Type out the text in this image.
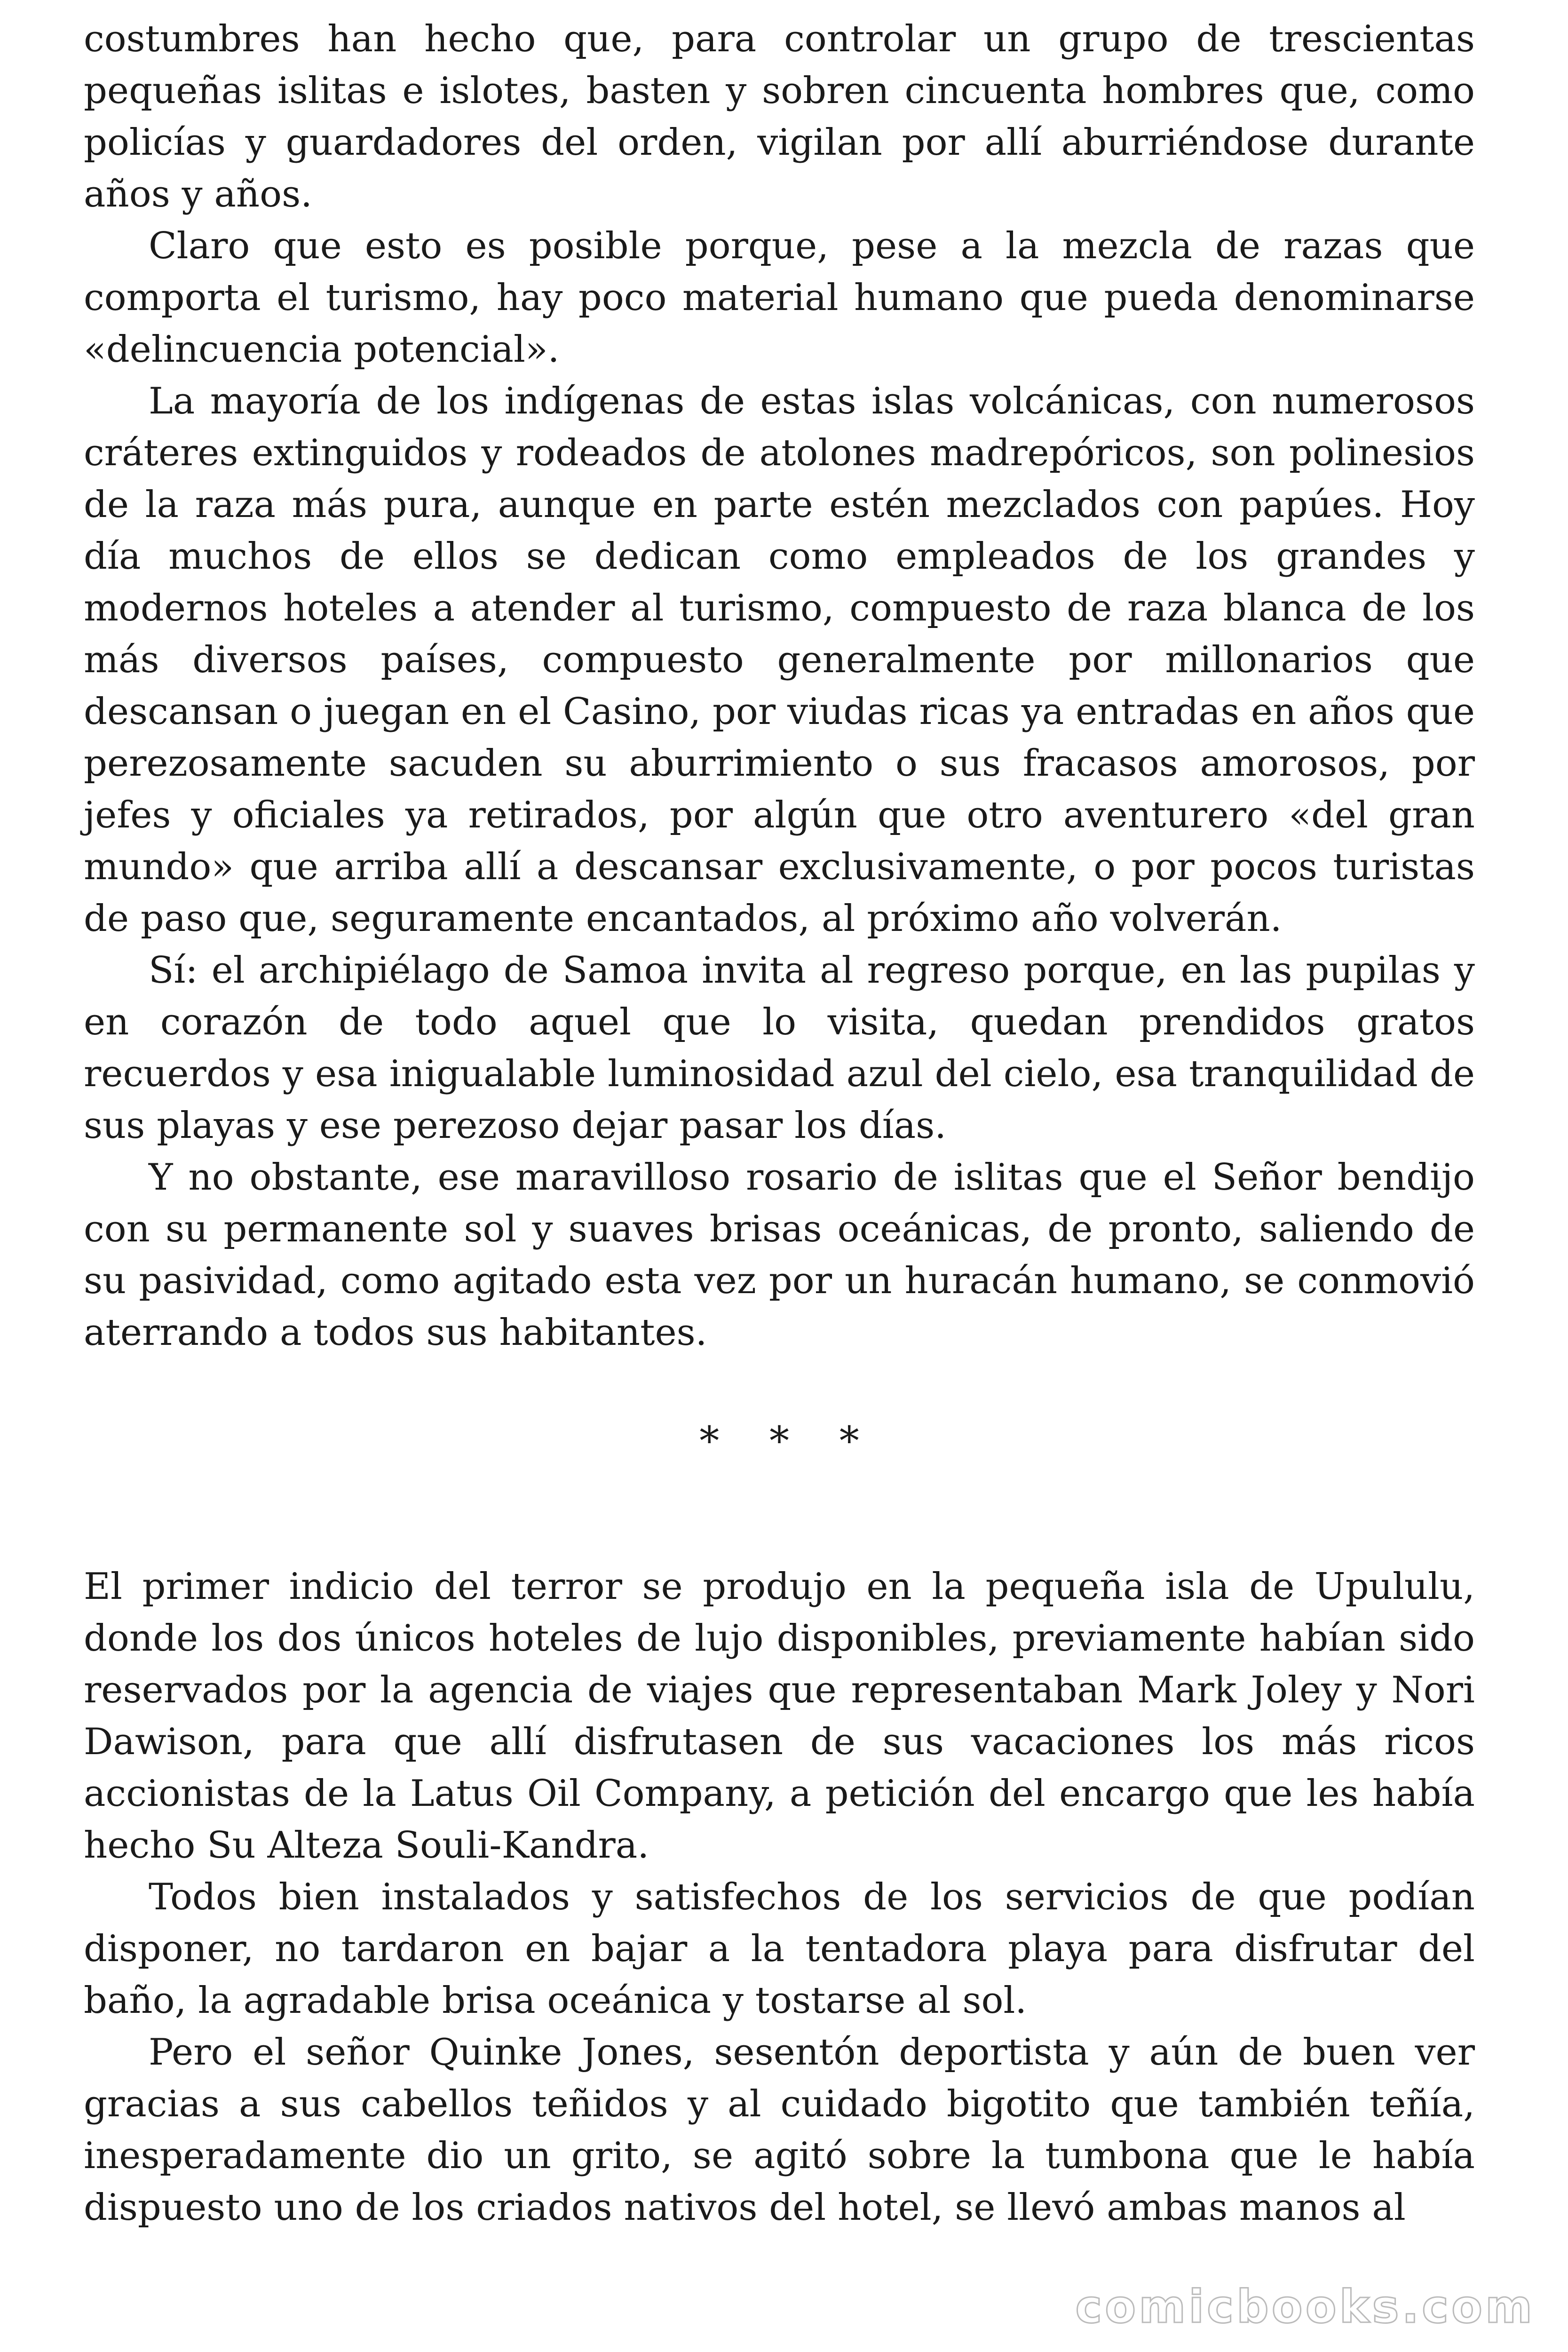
costumbres han hecho que, para controlar un grupo de trescientas pequeñas islitas e islotes, basten y sobren cincuenta hombres que, como policías y guardadores del orden, vigilan por allí aburriéndose durante años y años.

Claro que esto es posible porque, pese a la mezcla de razas que comporta el turismo, hay poco material humano que pueda denominarse «delincuencia potencial».

La mayoría de los indígenas de estas islas volcánicas, con numerosos cráteres extinguidos y rodeados de atolones madrepóricos, son polinesios de la raza más pura, aunque en parte estén mezclados con papúes. Hoy día muchos de ellos se dedican como empleados de los grandes y modernos hoteles a atender al turismo, compuesto de raza blanca de los más diversos países, compuesto generalmente por millonarios que descansan o juegan en el Casino, por viudas ricas ya entradas en años que perezosamente sacuden su aburrimiento o sus fracasos amorosos, por jefes y oficiales ya retirados, por algún que otro aventurero «del gran mundo» que arriba allí a descansar exclusivamente, o por pocos turistas de paso que, seguramente encantados, al próximo año volverán.

Sí: el archipiélago de Samoa invita al regreso porque, en las pupilas y en corazón de todo aquel que lo visita, quedan prendidos gratos recuerdos y esa inigualable luminosidad azul del cielo, esa tranquilidad de sus playas y ese perezoso dejar pasar los días.

Y no obstante, ese maravilloso rosario de islitas que el Señor bendijo con su permanente sol y suaves brisas oceánicas, de pronto, saliendo de su pasividad, como agitado esta vez por un huracán humano, se conmovió aterrando a todos sus habitantes.

* * *

El primer indicio del terror se produjo en la pequeña isla de Upululu, donde los dos únicos hoteles de lujo disponibles, previamente habían sido reservados por la agencia de viajes que representaban Mark Joley y Nori Dawison, para que allí disfrutasen de sus vacaciones los más ricos accionistas de la Latus Oil Company, a petición del encargo que les había hecho Su Alteza Souli-Kandra.

Todos bien instalados y satisfechos de los servicios de que podían disponer, no tardaron en bajar a la tentadora playa para disfrutar del baño, la agradable brisa oceánica y tostarse al sol.

Pero el señor Quinke Jones, sesentón deportista y aún de buen ver gracias a sus cabellos teñidos y al cuidado bigotito que también teñía, inesperadamente dio un grito, se agitó sobre la tumbona que le había dispuesto uno de los criados nativos del hotel, se llevó ambas manos al

comicbooks.com
